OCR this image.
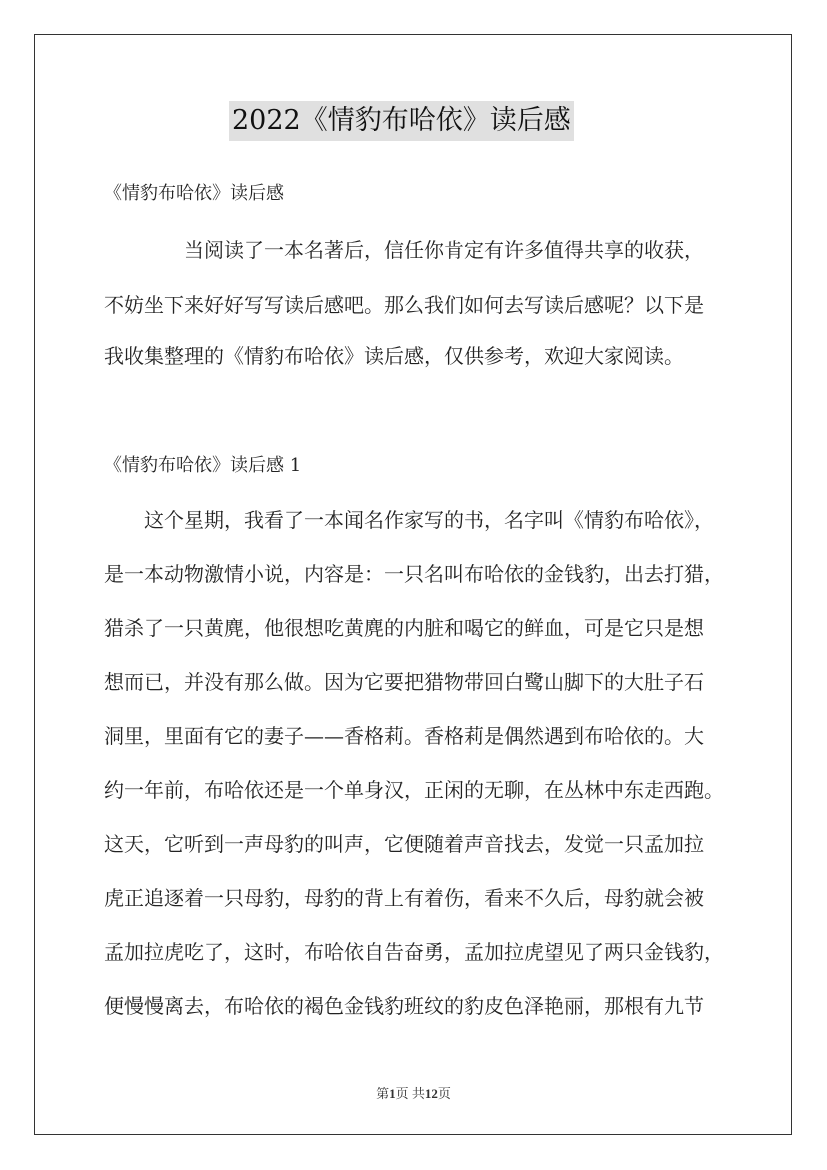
2022《情豹布哈依》读后感
《情豹布哈依》读后感
当阅读了一本名著后，信任你肯定有许多值得共享的收获，
不妨坐下来好好写写读后感吧。那么我们如何去写读后感呢？以下是
我收集整理的《情豹布哈依》读后感，仅供参考，欢迎大家阅读。
《情豹布哈依》读后感 1
这个星期，我看了一本闻名作家写的书，名字叫《情豹布哈依》，
是一本动物激情小说，内容是：一只名叫布哈依的金钱豹，出去打猎，
猎杀了一只黄麂，他很想吃黄麂的内脏和喝它的鲜血，可是它只是想
想而已，并没有那么做。因为它要把猎物带回白鹭山脚下的大肚子石
洞里，里面有它的妻子——香格莉。香格莉是偶然遇到布哈依的。大
约一年前，布哈依还是一个单身汉，正闲的无聊，在丛林中东走西跑。
这天，它听到一声母豹的叫声，它便随着声音找去，发觉一只孟加拉
虎正追逐着一只母豹，母豹的背上有着伤，看来不久后，母豹就会被
孟加拉虎吃了，这时，布哈依自告奋勇，孟加拉虎望见了两只金钱豹，
便慢慢离去，布哈依的褐色金钱豹班纹的豹皮色泽艳丽，那根有九节
第1页 共12页
